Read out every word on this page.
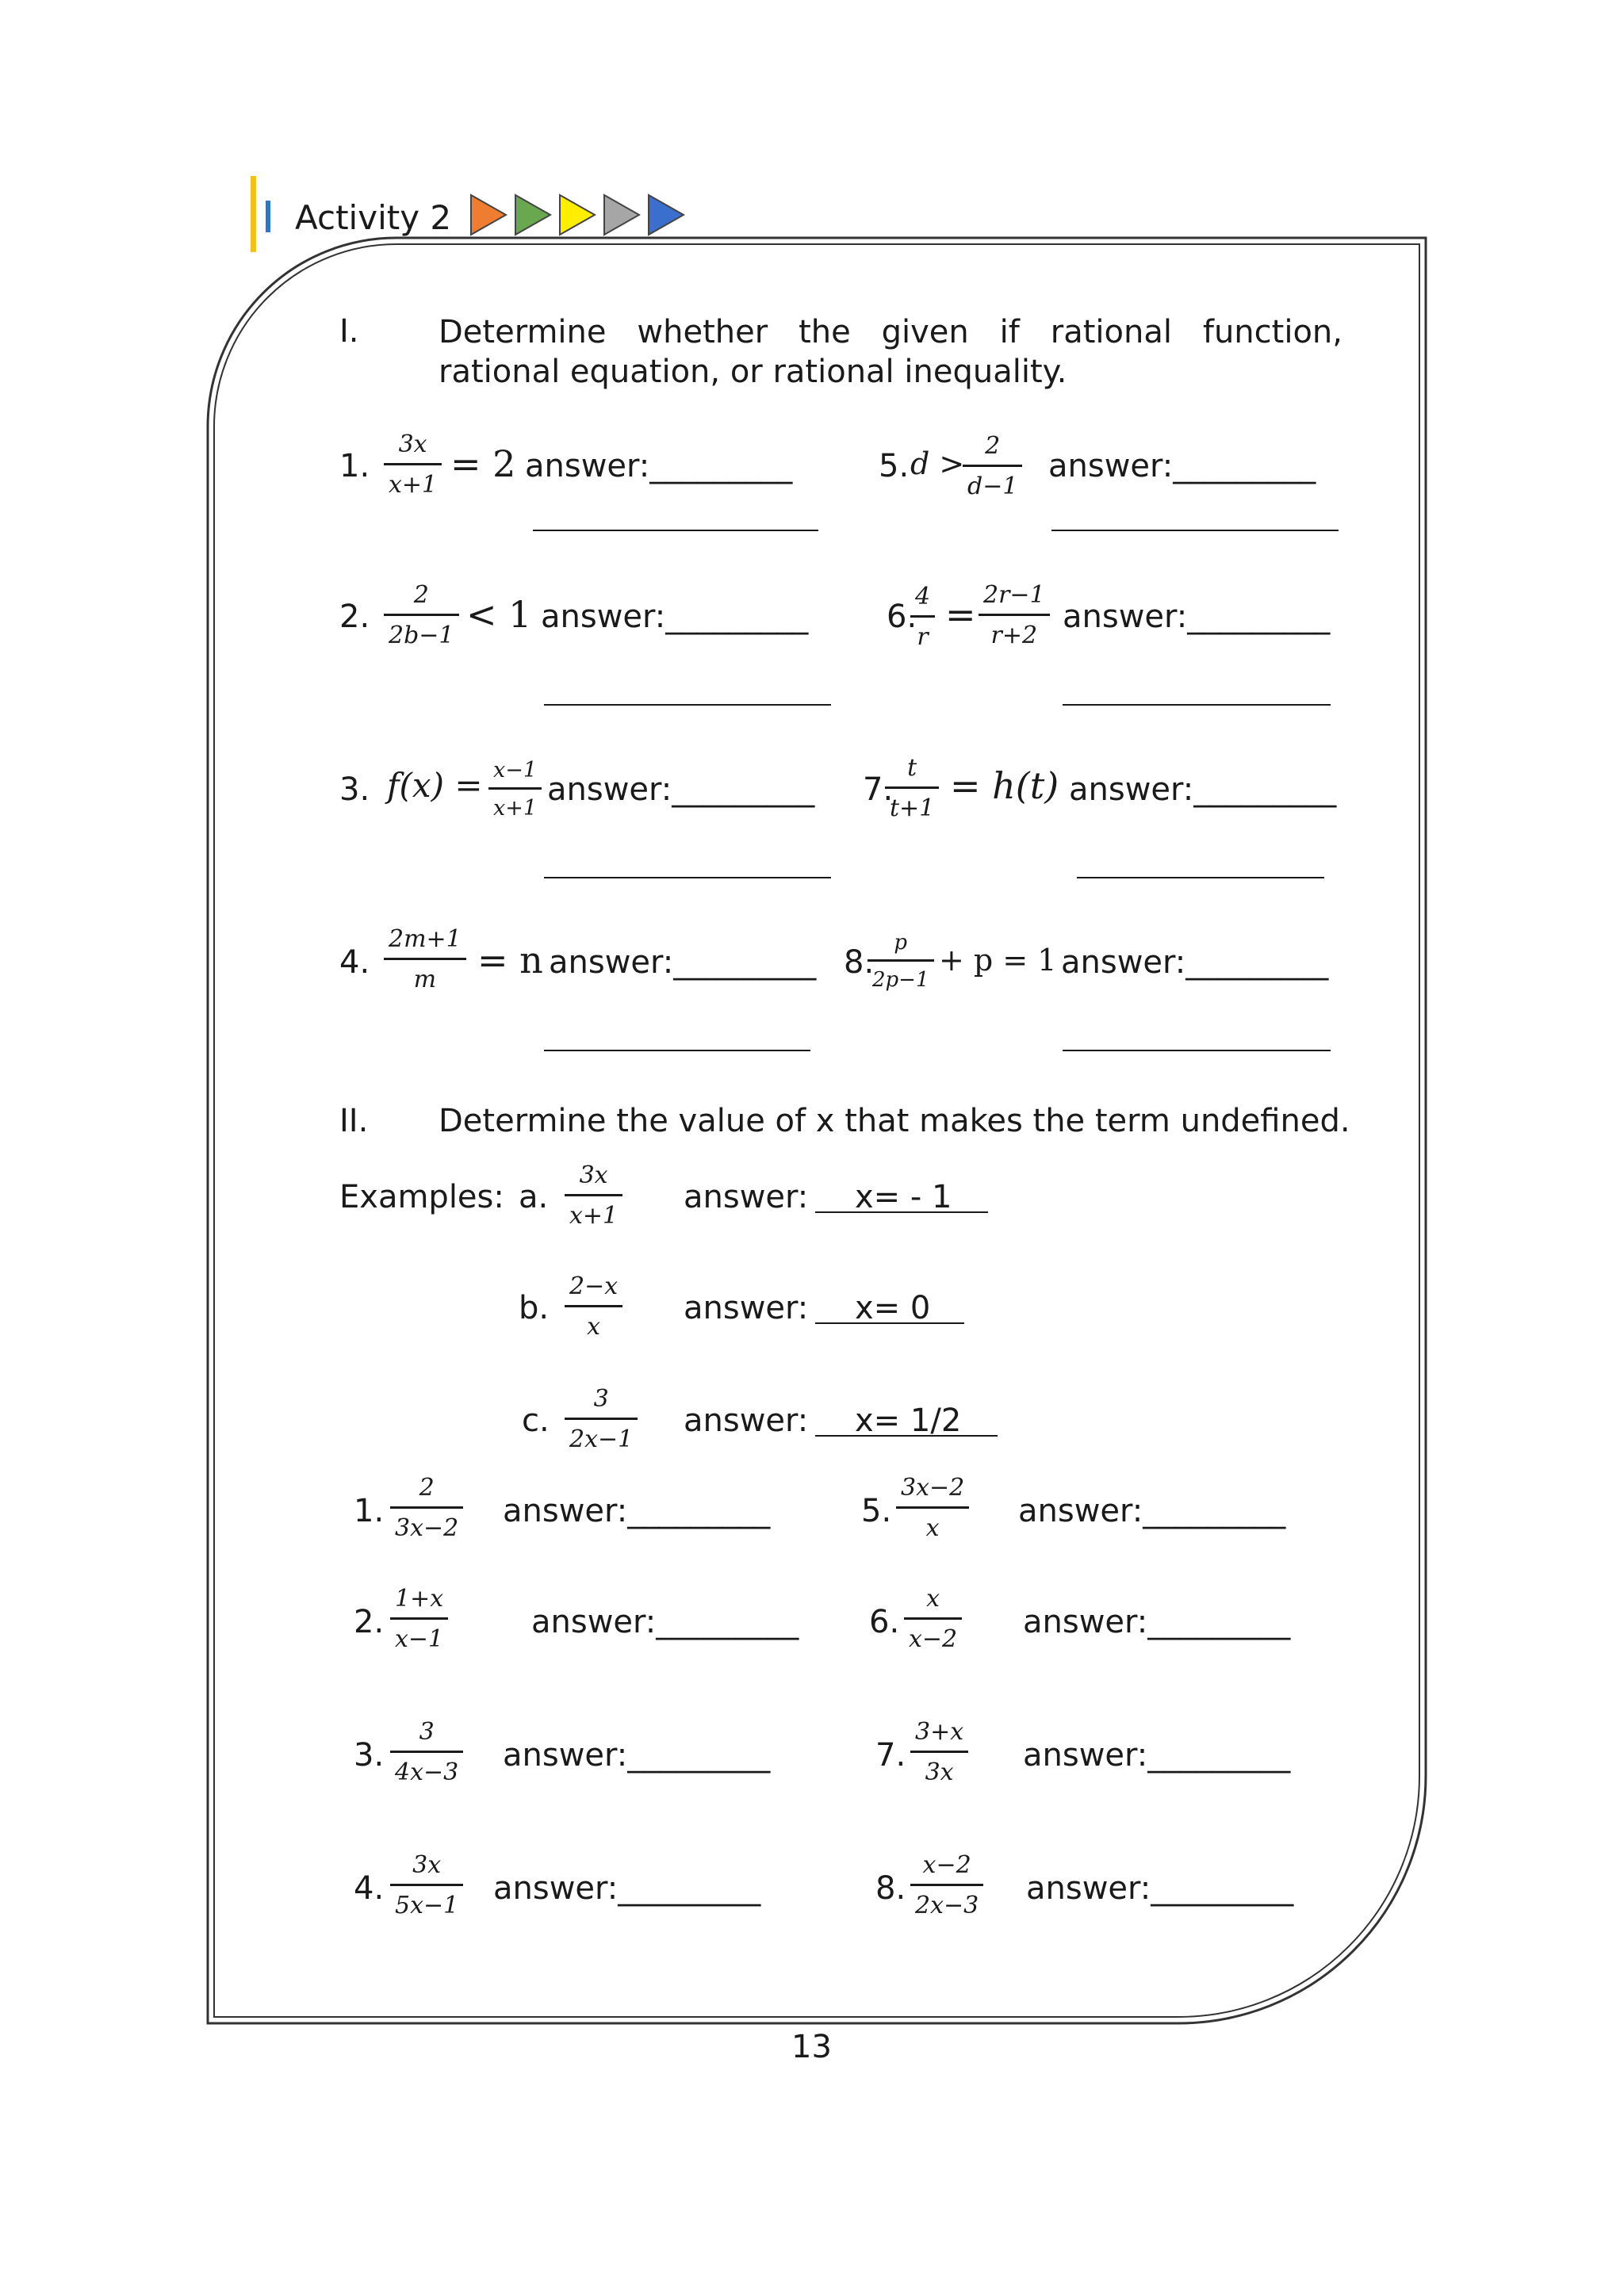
Activity 2
I.	Determine whether the given if rational function, rational equation, or rational inequality.
1.
3x
x+1 = 2 answer:_________
2.
2
2b−1 < 1 answer:_________
3. f(x) = x−1
x+1
answer:_________
4.
2m+1
m = n answer:_________
5. d >
2
d−1
answer:_________
6.
4
r
= 2r−1
r+2
answer:_________
7.
t
t+1
= h(t) answer:_________
8.
p
2p−1
+ p = 1 answer:_________
II. Determine the value of x that makes the term undefined.
Examples: a.
3x
x+1
answer: x= - 1
b.
2−x
x
answer: x= 0
c.
3
2x−1
answer: x= 1/2
1.
2
3x−2 answer:_________
2.
1+x
x−1	answer:_________
3.
3
4x−3 answer:_________
4.
3x
5x−1 answer:_________
5.
3x−2
x answer:_________
6.
x
x−2 answer:_________
7.
3+x
3x answer:_________
8.
x−2
2x−3 answer:_________
13
